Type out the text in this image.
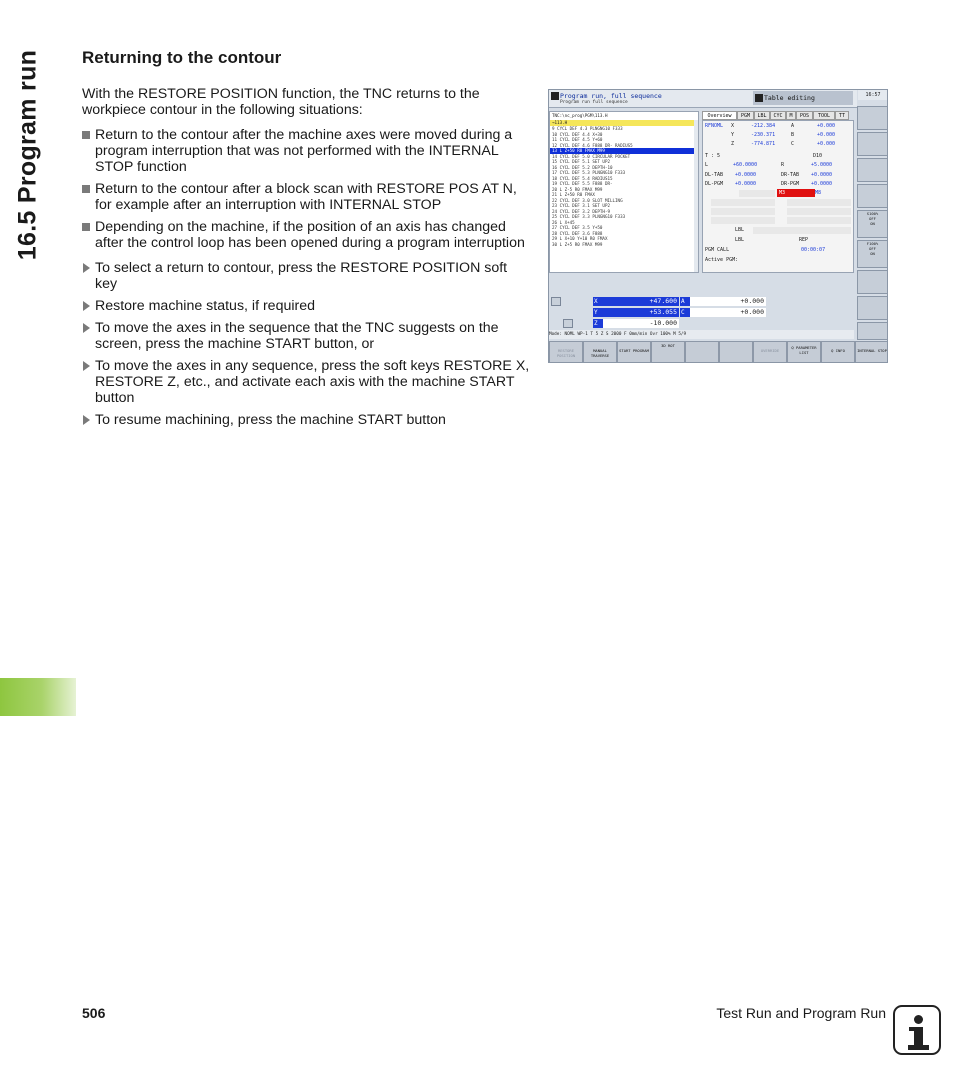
16.5 Program run Returning to the contour

With the RESTORE POSITION function, the TNC returns to the workpiece contour in the following situations:

Return to the contour after the machine axes were moved during a program interruption that was not performed with the INTERNAL STOP function
Return to the contour after a block scan with RESTORE POS AT N, for example after an interruption with INTERNAL STOP
Depending on the machine, if the position of an axis has changed after the control loop has been opened during a program interruption
To select a return to contour, press the RESTORE POSITION soft key
Restore machine status, if required
To move the axes in the sequence that the TNC suggests on the screen, press the machine START button, or
To move the axes in any sequence, press the soft keys RESTORE X, RESTORE Z, etc., and activate each axis with the machine START button
To resume machining, press the machine START button
Program run, full sequence
Program run full sequence
Table editing	16:57
TNC:\nc_prog\PGM\113.H
→113.H
9 CYCL DEF 4.3 PLNGNG10 F333
10 CYCL DEF 4.4 X+30
11 CYCL DEF 4.5 Y+60
12 CYCL DEF 4.6 F888 DR- RADIUS5
13 L Z+50 R0 FMAX M99
14 CYCL DEF 5.0 CIRCULAR POCKET
15 CYCL DEF 5.1 SET UP2
16 CYCL DEF 5.2 DEPTH-10
17 CYCL DEF 5.3 PLNGNG10 F333
18 CYCL DEF 5.4 RADIUS15
19 CYCL DEF 5.5 F888 DR-
20 L Z-5 R0 FMAX M99
21 L Z+50 R0 FMAX
22 CYCL DEF 3.0 SLOT MILLING
23 CYCL DEF 3.1 SET UP2
24 CYCL DEF 3.2 DEPTH-9
25 CYCL DEF 3.3 PLNGNG10 F333
26 L X+45
27 CYCL DEF 3.5 Y+50
28 CYCL DEF 3.6 F888
29 L X+10 Y+10 R0 FMAX
30 L Z+5 R0 FMAX M99
Overview	PGM	LBL	CYC	M	POS	TOOL	TT
RFNOML X	-212.384	A	+0.000
Y	-230.371	B	+0.000
Z	-774.871	C	+0.000
T : 5	D10
L	+60.0000	R	+5.0000
DL-TAB +0.0000	DR-TAB +0.0000
DL-PGM +0.0000	DR-PGM +0.0000
M3	M8
LBL
LBL	REP
PGM CALL	00:00:07
Active PGM:
X	+47.600
Y	+53.055
Z	-10.000
A	+0.000
C	+0.000
Mode: NOML WP-1 T 5 Z S 2000 F 0mm/min Ovr 100% M 5/9
S100%
OFF
ON
F100%
OFF
ON
RESTORE POSITION
MANUAL TRAVERSE
START PROGRAM
3D ROT
OVERRIDE
Q PARAMETER LIST	Q INFO	INTERNAL STOP
506	Test Run and Program Run
